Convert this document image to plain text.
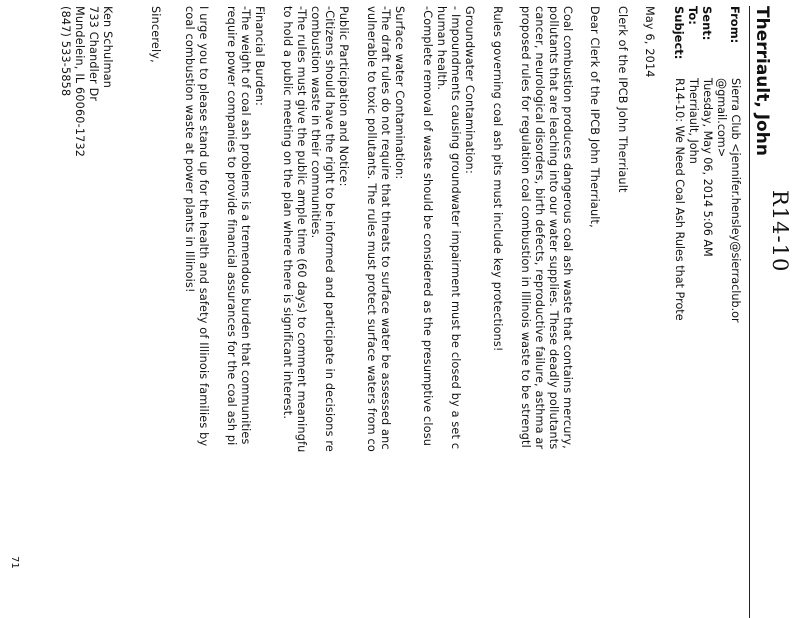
R14-10
Therriault, John
From:
Sierra Club <jennifer.hensley@sierraclub.or
@gmail.com>
Sent:
Tuesday, May 06, 2014 5:06 AM
To:
Therriault, John
Subject:
R14-10: We Need Coal Ash Rules that Prote
May 6, 2014
Clerk of the IPCB John Therriault
Dear Clerk of the IPCB John Therriault,
Coal combustion produces dangerous coal ash waste that contains mercury,
pollutants that are leaching into our water supplies. These deadly pollutants
cancer, neurological disorders, birth defects, reproductive failure, asthma ar
proposed rules for regulation coal combustion in Illinois waste to be strengtl
Rules governing coal ash pits must include key protections!
Groundwater Contamination:
- Impoundments causing groundwater impairment must be closed by a set c
human health.
-Complete removal of waste should be considered as the presumptive closu
Surface water Contamination:
-The draft rules do not require that threats to surface water be assessed anc
vulnerable to toxic pollutants. The rules must protect surface waters from co
Public Participation and Notice:
-Citizens should have the right to be informed and participate in decisions re
combustion waste in their communities.
-The rules must give the public ample time (60 days) to comment meaningfu
to hold a public meeting on the plan where there is significant interest.
Financial Burden:
-The weight of coal ash problems is a tremendous burden that communities
require power companies to provide financial assurances for the coal ash pi
I urge you to please stand up for the health and safety of Illinois families by
coal combustion waste at power plants in Illinois!
Sincerely,
Ken Schulman
733 Chandler Dr
Mundelein, IL 60060-1732
(847) 533-5858
71
